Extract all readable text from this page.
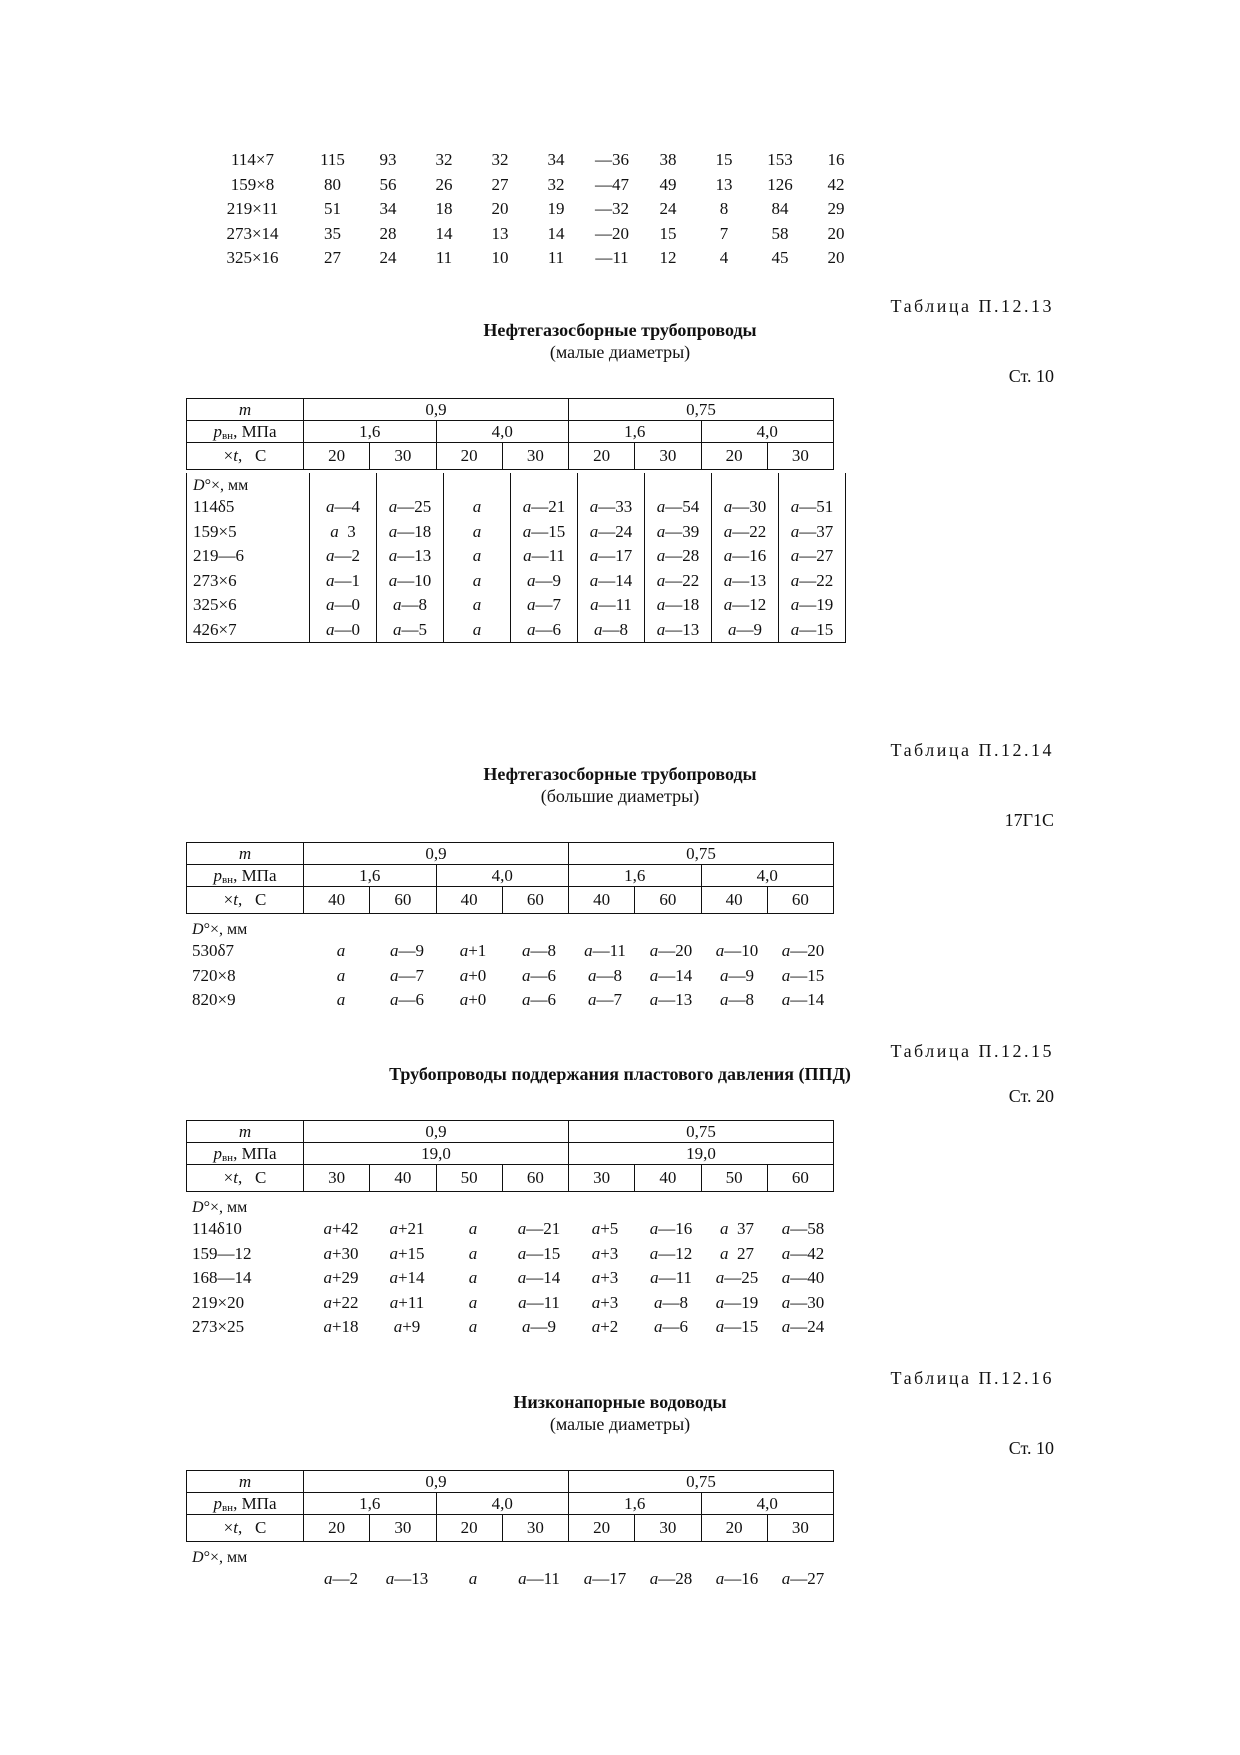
114×7	115	93	32	32	34	—36	38	15	153	16
159×8	80	56	26	27	32	—47	49	13	126	42
219×11	51	34	18	20	19	—32	24	8	84	29
273×14	35	28	14	13	14	—20	15	7	58	20
325×16	27	24	11	10	11	—11	12	4	45	20
Таблица П.12.13
Нефтегазосборные трубопроводы
(малые диаметры)
Ст. 10
m	0,9				0,75			
$p_{вн}$, МПа	1,6		4,0		1,6		4,0	
×t,  C	20	30	20	30	20	30	20	30
D°×, мм								
114δ5	a—4	a—25	a	a—21	a—33	a—54	a—30	a—51
159×5	a 3	a—18	a	a—15	a—24	a—39	a—22	a—37
219—6	a—2	a—13	a	a—11	a—17	a—28	a—16	a—27
273×6	a—1	a—10	a	a—9	a—14	a—22	a—13	a—22
325×6	a—0	a—8	a	a—7	a—11	a—18	a—12	a—19
426×7	a—0	a—5	a	a—6	a—8	a—13	a—9	a—15
Таблица П.12.14
Нефтегазосборные трубопроводы
(большие диаметры)
17Г1С
m	0,9				0,75			
$p_{вн}$, МПа	1,6		4,0		1,6		4,0	
×t,  C	40	60	40	60	40	60	40	60
D°×, мм								
530δ7	a	a—9	a+1	a—8	a—11	a—20	a—10	a—20
720×8	a	a—7	a+0	a—6	a—8	a—14	a—9	a—15
820×9	a	a—6	a+0	a—6	a—7	a—13	a—8	a—14
Таблица П.12.15
Трубопроводы поддержания пластового давления (ППД)
Ст. 20
m	0,9				0,75			
$p_{вн}$, МПа	19,0				19,0			
×t,  C	30	40	50	60	30	40	50	60
D°×, мм								
114δ10	a+42	a+21	a	a—21	a+5	a—16	a 37	a—58
159—12	a+30	a+15	a	a—15	a+3	a—12	a 27	a—42
168—14	a+29	a+14	a	a—14	a+3	a—11	a—25	a—40
219×20	a+22	a+11	a	a—11	a+3	a—8	a—19	a—30
273×25	a+18	a+9	a	a—9	a+2	a—6	a—15	a—24
Таблица П.12.16
Низконапорные водоводы
(малые диаметры)
Ст. 10
m	0,9				0,75			
$p_{вн}$, МПа	1,6		4,0		1,6		4,0	
×t,  C	20	30	20	30	20	30	20	30
D°×, мм								
	a—2	a—13	a	a—11	a—17	a—28	a—16	a—27
